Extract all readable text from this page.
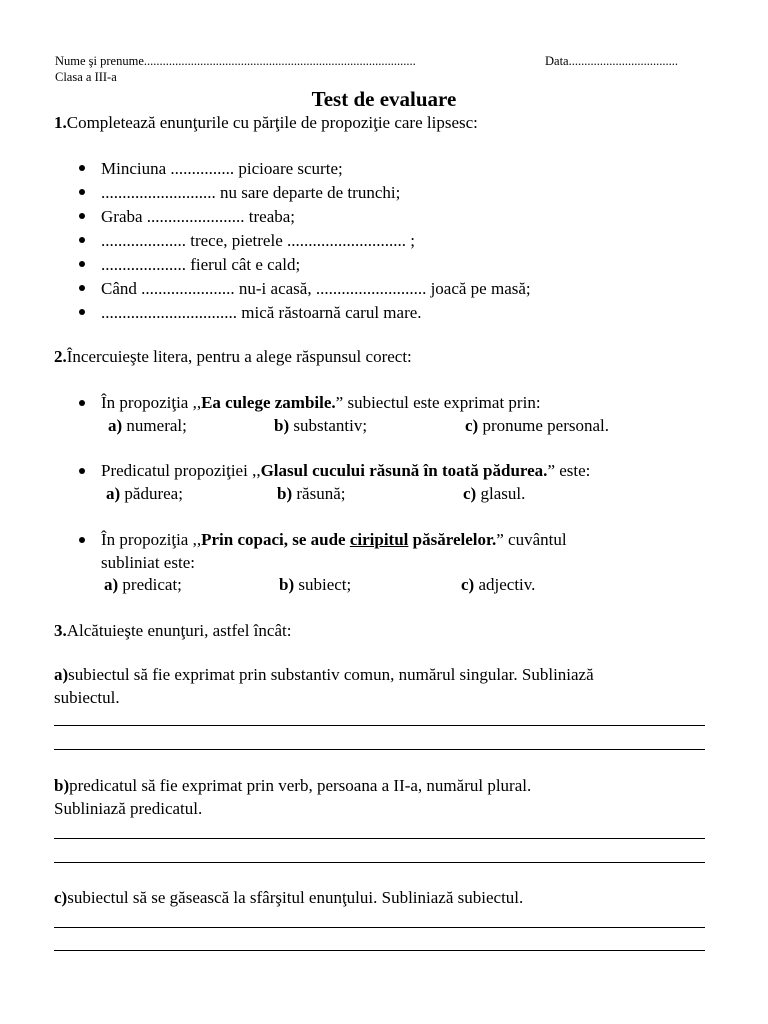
Nume şi prenume.......................................................................................	Data...................................
Clasa a III-a
Test de evaluare
1.Completează enunţurile cu părţile de propoziţie care lipsesc:
Minciuna ............... picioare scurte;
........................... nu sare departe de trunchi;
Graba ....................... treaba;
.................... trece, pietrele ............................ ;
.................... fierul cât e cald;
Când ...................... nu-i acasă, .......................... joacă pe masă;
................................ mică răstoarnă carul mare.
2.Încercuieşte litera, pentru a alege răspunsul corect:
În propoziţia ,,Ea culege zambile.” subiectul este exprimat prin:
a) numeral;	b) substantiv;	c) pronume personal.
Predicatul propoziţiei ,,Glasul cucului răsună în toată pădurea.” este:
a) pădurea;	b) răsună;	c) glasul.
În propoziţia ,,Prin copaci, se aude ciripitul păsărelelor.” cuvântul
subliniat este:
a) predicat;	b) subiect;	c) adjectiv.
3.Alcătuieşte enunţuri, astfel încât:
a)subiectul să fie exprimat prin substantiv comun, numărul singular. Subliniază
subiectul.
b)predicatul să fie exprimat prin verb, persoana a II-a, numărul plural.
Subliniază predicatul.
c)subiectul să se găsească la sfârşitul enunţului. Subliniază subiectul.
